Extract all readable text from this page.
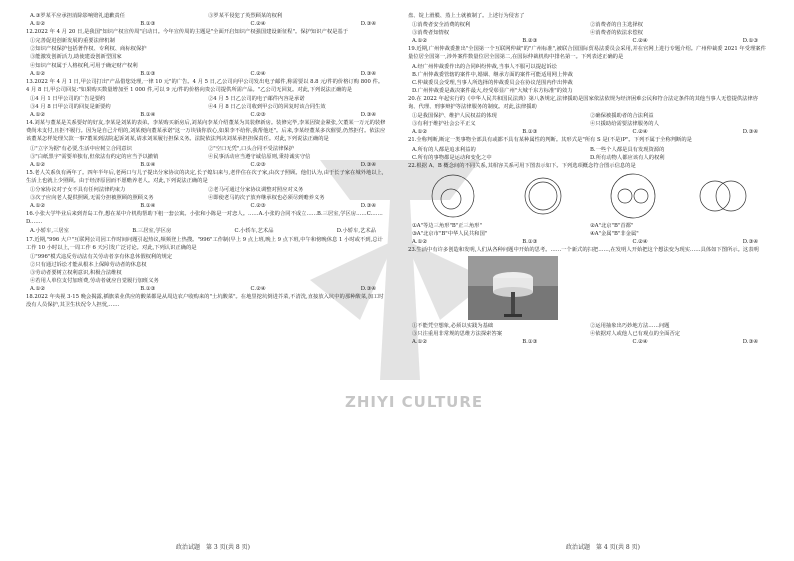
ZHIYI CULTURE
A.③罗某平应承担消除影响赔礼道歉责任	③罗某平侵犯了英烈顾某的权利
A.①②	B.①③	C.②④	D.③④
12.2022 年 4 月 20 日,是我国"知识产权宣传周"启动日。今年宣传周的主题是"全面开启知识产权强国建设新征程"。保护知识产权是基于
①完善促进创新发展的重要法律机制
②知识产权保护包括著作权、专利权、商标权保护
③能激发创新活力,助使建设创新型国家
④知识产权属于人格权利,可用于确定财产权利
A.①②	B.①③	C.②④	D.③④
13.2022 年 4 月 1 日,甲公司打出"产品借您处理,一律 10 元"的广告。4 月 5 日,乙公司向甲公司发出电子邮件,称需要以 8.8 元/件的价格订购 800 件。4 月 8 日,甲公司回复:"如果购买数量增加至 1 000 件,可以 9 元/件的价格向贵公司提供所需产品。"乙公司无回复。对此,下列说法正确的是
①4 月 1 日甲公司的广告是要约	②4 月 5 日乙公司的电子邮件内容是承诺
③4 月 8 日甲公司的回复是新要约	④4 月 8 日乙公司收到甲公司的回复时该合同生效
A.①②	B.①④	C.②③	D.③④
14.刘某与董某是关系要好的好友,李某是刘某的表弟。李某购买新房后,刘某向李某介绍董某为其装修新房。装修完毕,李某因资金紧张,欠董某一万元的装修费尚未支付,且拒不履行。因为是自己介绍的,刘某便向董某承诺"这一万块钱你放心,如果李不给你,我帮他还"。后来,李某经董某多次催要,仍然拒付。依法应该董某怎样处理欠款一事?董某到法院起诉刘某,请求刘某履行担保义务。法院依法判决刘某承担担保责任。对此,下列说法正确的是
①"立字为据"有必要,生活中应树立合同意识	②"空口无凭",口头合同不受法律保护
③"白纸黑字"需要单独有,但依法有约定的应当予以撤销	④民事活动应当遵守诚信原则,秉持诚实守信
A.①②	B.①④	C.②③	D.③④
15.老人关系负有两年了。四年半年后,老两口与儿子提出分家协议的决定,长子媳妇来与,老伴住在次子家,由次子照顾。他们认为,由于长子家在城外地以上,生活上也就上少照顾。由于经济原因而不愿赡养老人。对此,下列说法正确的是
①分家协议对子女不具有任何法律约束力	②老马可通过分家协议调整对照应对义务
③次子应向老人提供照顾,无需分担被照顾的照顾义务	④即使老马的次子放弃继承权也必须尽到赡养义务
A.①②	B.①④	C.②③	D.③④
16.小张大学毕业后来到青岛工作,想在某中介机构帮助下租一套公寓。小张和小陈是一对恋人。……A.小张的合同不成立……B.三居室,学区房……C.……D.……
A.小轿车,三居室	B.三居室,学区房	C.小轿车,艺术品	D.小轿车,艺术品
17.近期,"996 大户"互联网公司因工作时间问题引起热议,频频登上热搜。"996"工作制(早上 9 点上班,晚上 9 点下班,中午和傍晚休息 1 小时或不到,总计工作 10 小时以上,一周工作 6 天)引发广泛讨论。对此,下列认识正确的是
①"996"模式违反劳动法有关劳动者享有休息休假权利的规定
②只有通过诉讼才能从根本上保障劳动者的休息权
③劳动者要树立权利意识,积极合法维权
④若用人单位支付加班费,劳动者就应自觉履行加班义务
A.①②	B.①③	C.②④	D.③④
18.2022 年央视 3·15 晚会揭露,插旗菜业供应的酸菜都是从周边农户收购来的"土坑酸菜"。在地里挖坑倒进芥菜,不清洗,直接放入坑中的那种酸菜,加工时没有人员保护,其卫生状况令人担忧,……
盘、锭上滑膜、蒸上土就被制了。上述行为侵害了
①消费者安全消费的权利	②消费者的自主选择权
③消费者知情权	④消费者的依法求偿权
A.①②	B.②③	C.②④	D.①③
19.近期,广州仲裁委推出"全国第一个互联网仲裁"的"广州标准",被联合国国际贸易法委员会采用,并在官网上进行专题介绍。广州仲裁委 2021 年受理案件量位居全国第一,涉外案件数量位居全国第二,在国际仲裁机构中排名第一。下列表述正确的是
A.经广州仲裁委作出的合同纠纷仲裁,当事人不服可以提起诉讼
B.广州仲裁委管辖的案件中,婚姻、继承方面的案件可能适用网上仲裁
C.仲裁委员会受理,当事人所选择的仲裁委员会在协议范围内作出仲裁
D.广州仲裁委是裁决案件最大,经受彰显广州"大城千东方标准"的效力
20.在 2022 年起实行的《中华人民共和国民法典》第八条规定,法律援助是国家依法依规为经济困难公民和符合法定条件的其他当事人无偿提供法律咨询、代理、刑事辩护等法律服务的制度。对此,法律援助
①是我国保护、维护人民权益的体现	②确保被援助者的合法利益
③有利于维护社会公平正义	④只援助给需要法律服务的人
A.①②	B.①③	C.②④	D.③④
21.全称判断,断定一类事物全部具有或都不具有某种属性的判断。其形式是"所有 S 是(不是)P"。下列不属于全称判断的是
A.所有的人都是追求利益的	B.一些个人都是具有发现资源的
C.所有的事物都是运动和变化之中	D.所有动物人都应该有人的权利
22.根据 A、B 概念间的不同关系,其相容关系可用下图表示如下。下列选项概念符合图示信息的是
①A"等边三角形"B"正三角形"	②A"北京"B"首都"
③A"北京市"B"中华人民共和国"	④A"金属"B"非金属"
A.①②	B.①③	C.②④	D.③④
23.生活中有许多创造和发明,人们从各种问题中开始的思考。……一个新式的扫把……,在发明人开始把这个想法变为现实……具体如下图所示。这表明
①不能凭空想象,必须以实践为基础	②运用抽象出巧妙地方法……问题
③只注重用非常规的思维方法探索答案	④依据对人或他人已有观点的全面否定
A.①②	B.①③	C.②④	D.③④
政治试题　第 3 页(共 8 页)	政治试题　第 4 页(共 8 页)
